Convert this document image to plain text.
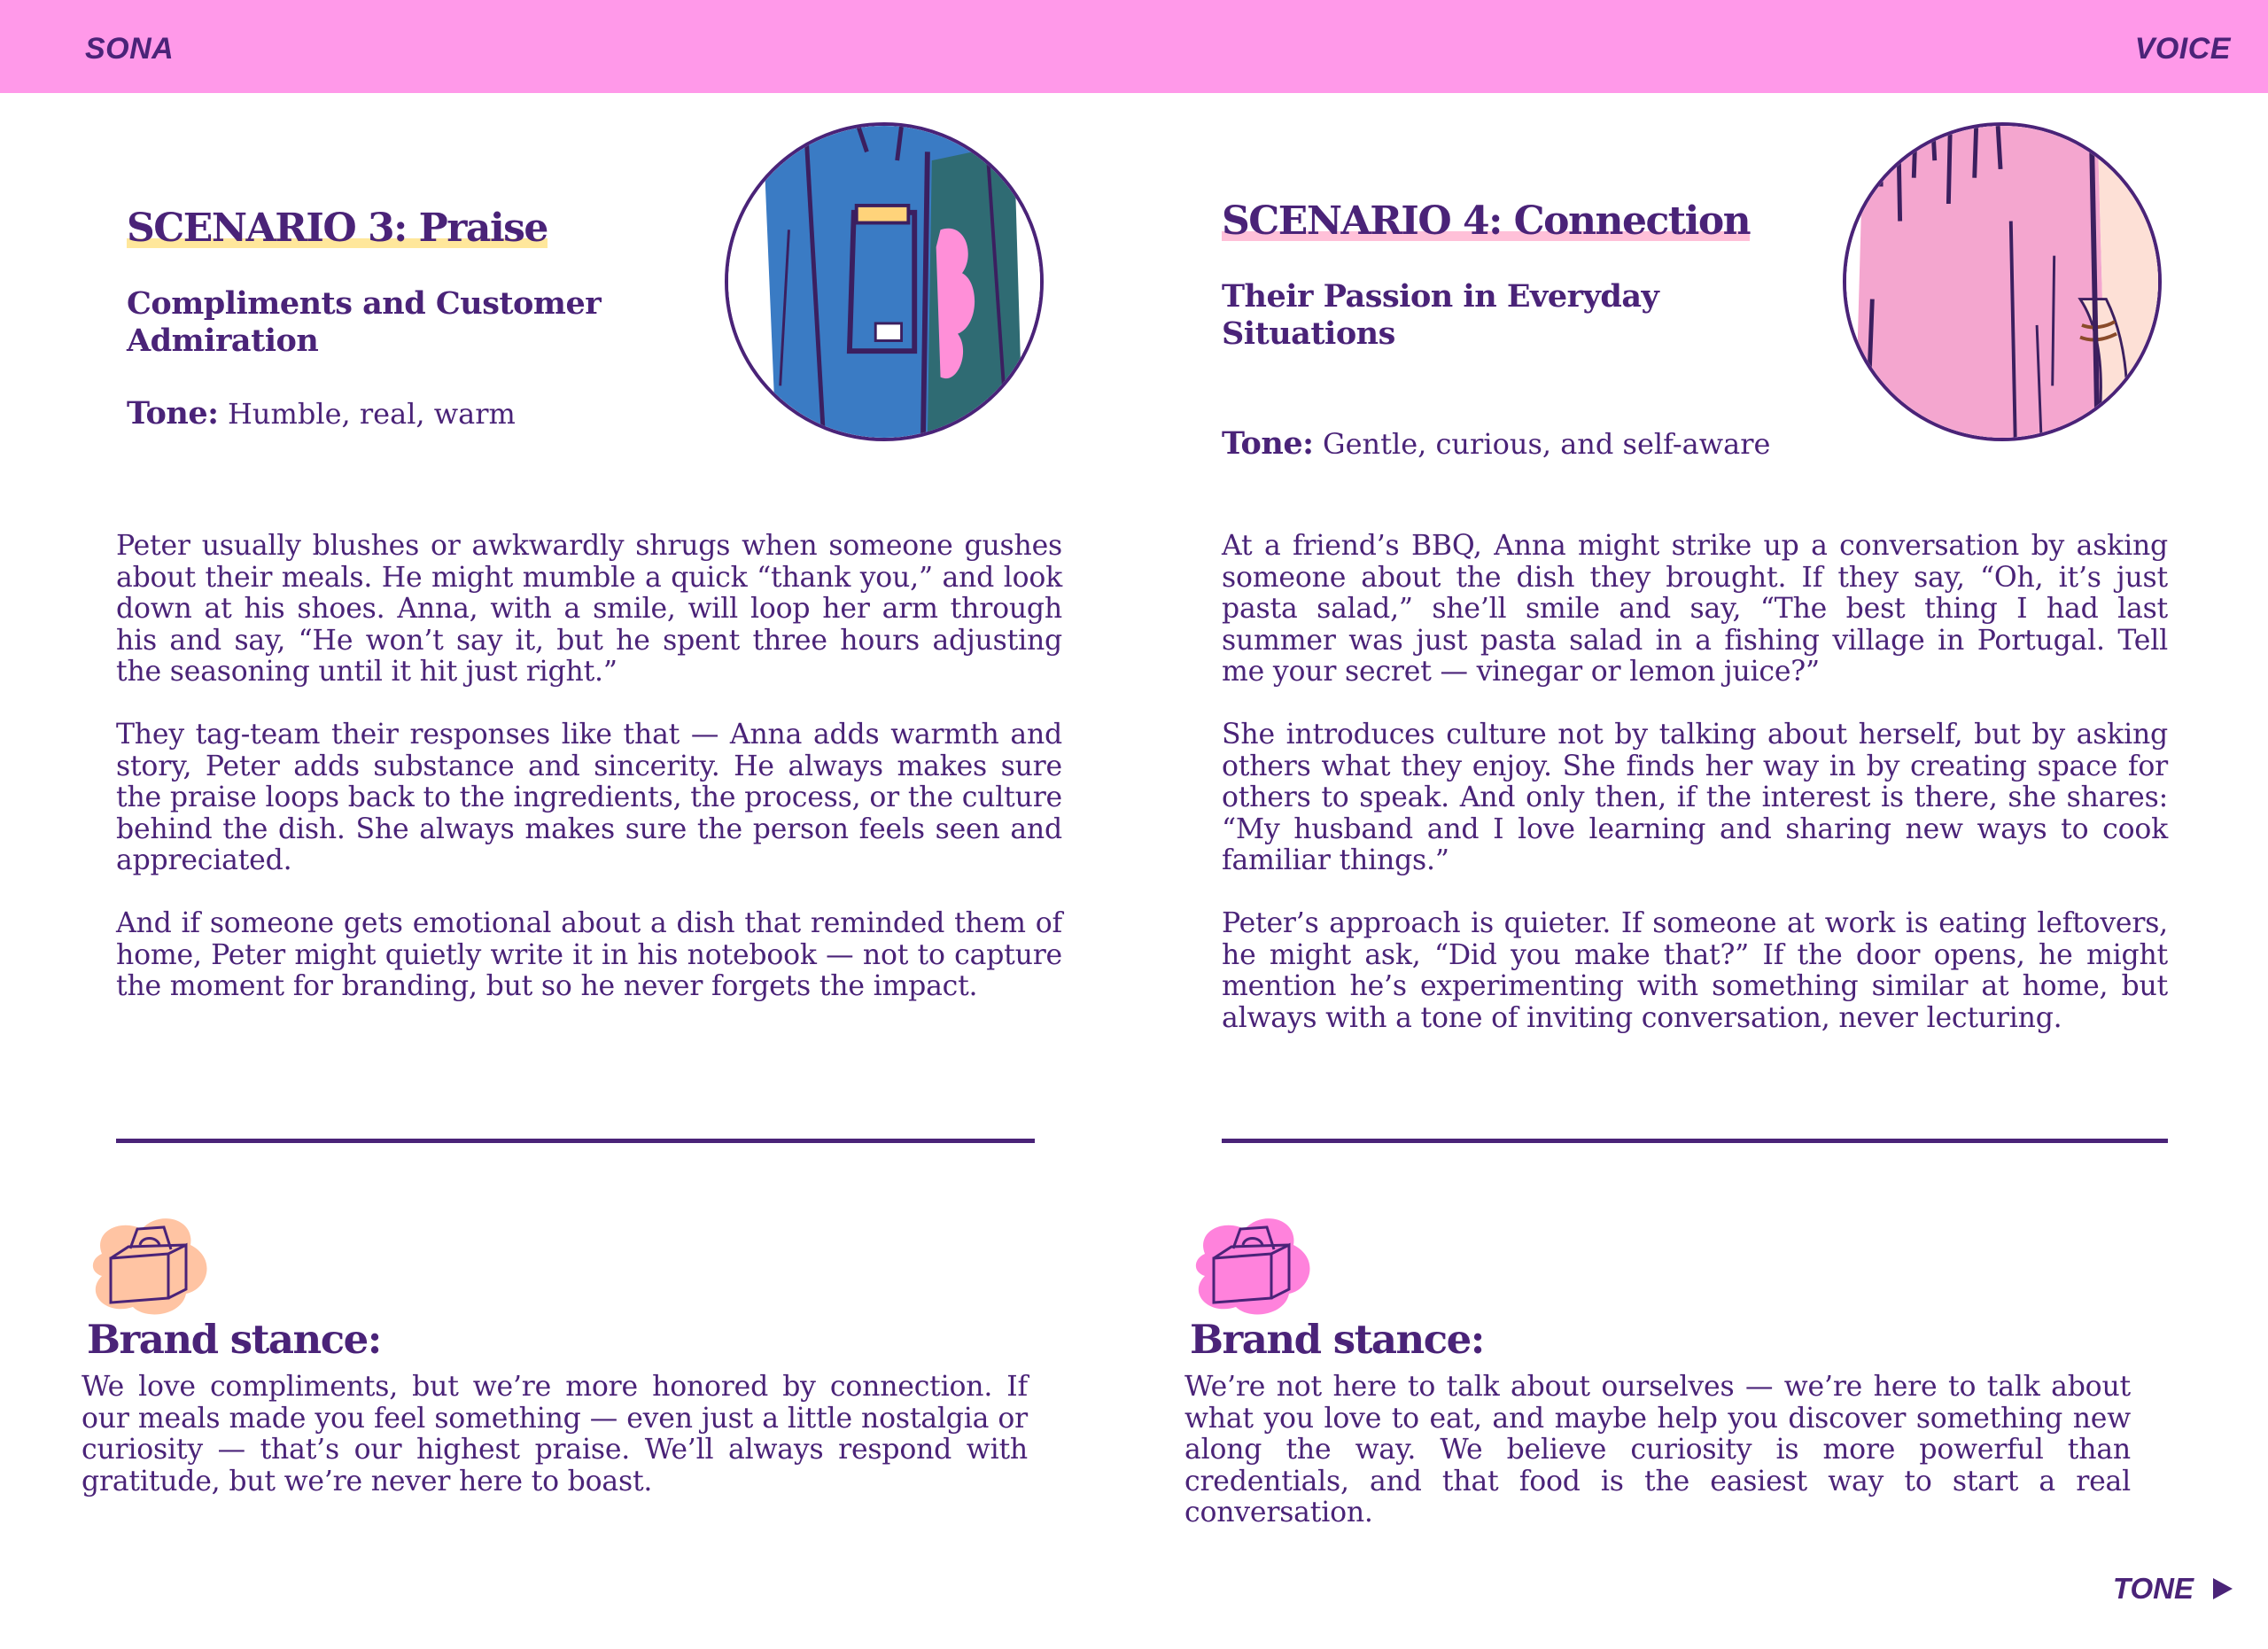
SONA	VOICE
SCENARIO 3: Praise
Compliments and Customer Admiration

Tone: Humble, real, warm

Peter usually blushes or awkwardly shrugs when someone gushes about their meals. He might mumble a quick “thank you,” and look down at his shoes. Anna, with a smile, will loop her arm through his and say, “He won’t say it, but he spent three hours adjusting the seasoning until it hit just right.”

They tag-team their responses like that — Anna adds warmth and story, Peter adds substance and sincerity. He always makes sure the praise loops back to the ingredients, the process, or the culture behind the dish. She always makes sure the person feels seen and appreciated.

And if someone gets emotional about a dish that reminded them of home, Peter might quietly write it in his notebook — not to capture the moment for branding, but so he never forgets the impact.

Brand stance:

We love compliments, but we’re more honored by connection. If our meals made you feel something — even just a little nostalgia or curiosity — that’s our highest praise. We’ll always respond with gratitude, but we’re never here to boast.

SCENARIO 4: Connection
Their Passion in Everyday Situations

Tone: Gentle, curious, and self-aware

At a friend’s BBQ, Anna might strike up a conversation by asking someone about the dish they brought. If they say, “Oh, it’s just pasta salad,” she’ll smile and say, “The best thing I had last summer was just pasta salad in a fishing village in Portugal. Tell me your secret — vinegar or lemon juice?”

She introduces culture not by talking about herself, but by asking others what they enjoy. She finds her way in by creating space for others to speak. And only then, if the interest is there, she shares: “My husband and I love learning and sharing new ways to cook familiar things.”

Peter’s approach is quieter. If someone at work is eating leftovers, he might ask, “Did you make that?” If the door opens, he might mention he’s experimenting with something similar at home, but always with a tone of inviting conversation, never lecturing.

Brand stance:

We’re not here to talk about ourselves — we’re here to talk about what you love to eat, and maybe help you discover something new along the way. We believe curiosity is more powerful than credentials, and that food is the easiest way to start a real conversation.

TONE
